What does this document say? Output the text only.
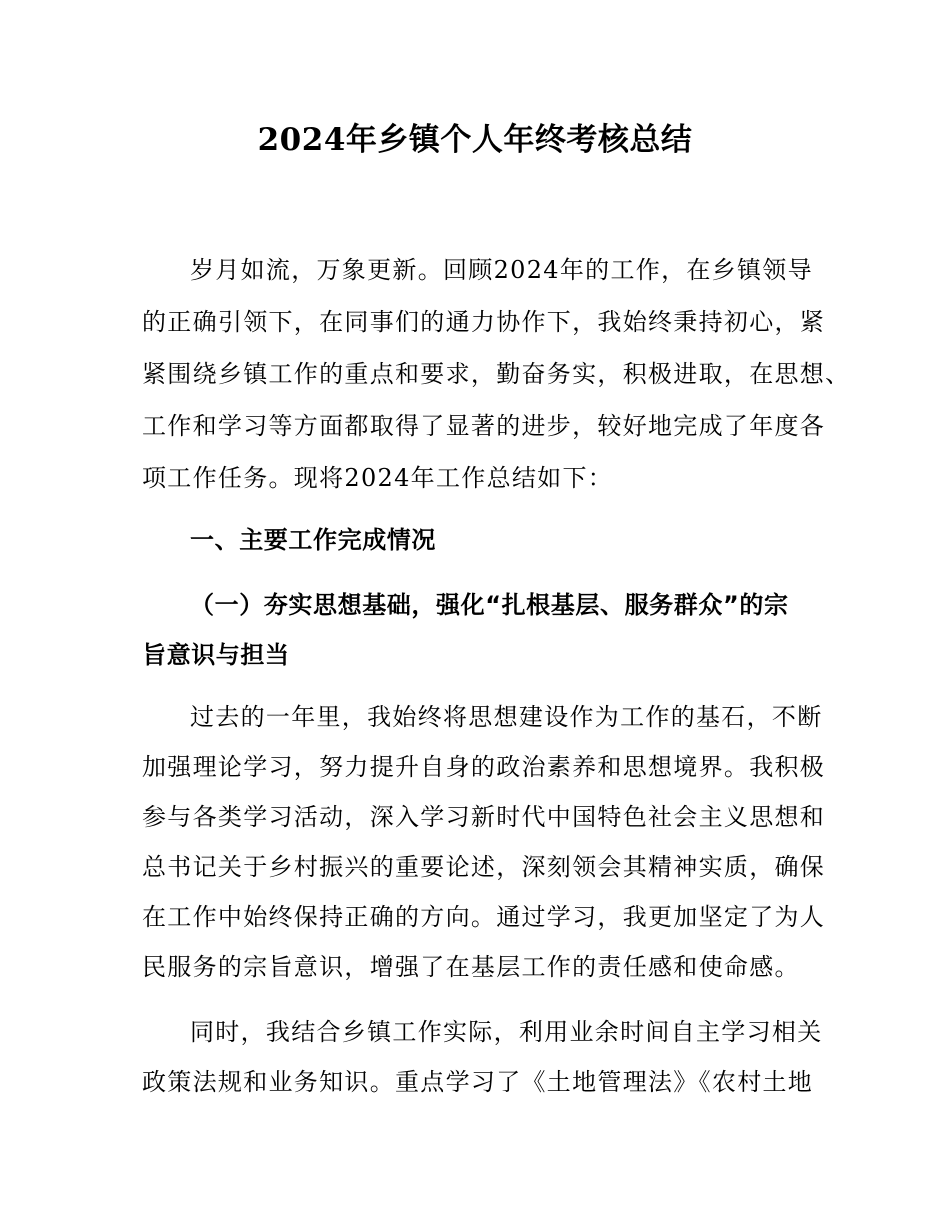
2024年乡镇个人年终考核总结
岁月如流，万象更新。回顾2024年的工作，在乡镇领导
的正确引领下，在同事们的通力协作下，我始终秉持初心，紧
紧围绕乡镇工作的重点和要求，勤奋务实，积极进取，在思想、
工作和学习等方面都取得了显著的进步，较好地完成了年度各
项工作任务。现将2024年工作总结如下：
一、主要工作完成情况
（一）夯实思想基础，强化“扎根基层、服务群众”的宗
旨意识与担当
过去的一年里，我始终将思想建设作为工作的基石，不断
加强理论学习，努力提升自身的政治素养和思想境界。我积极
参与各类学习活动，深入学习新时代中国特色社会主义思想和
总书记关于乡村振兴的重要论述，深刻领会其精神实质，确保
在工作中始终保持正确的方向。通过学习，我更加坚定了为人
民服务的宗旨意识，增强了在基层工作的责任感和使命感。
同时，我结合乡镇工作实际，利用业余时间自主学习相关
政策法规和业务知识。重点学习了《土地管理法》《农村土地
